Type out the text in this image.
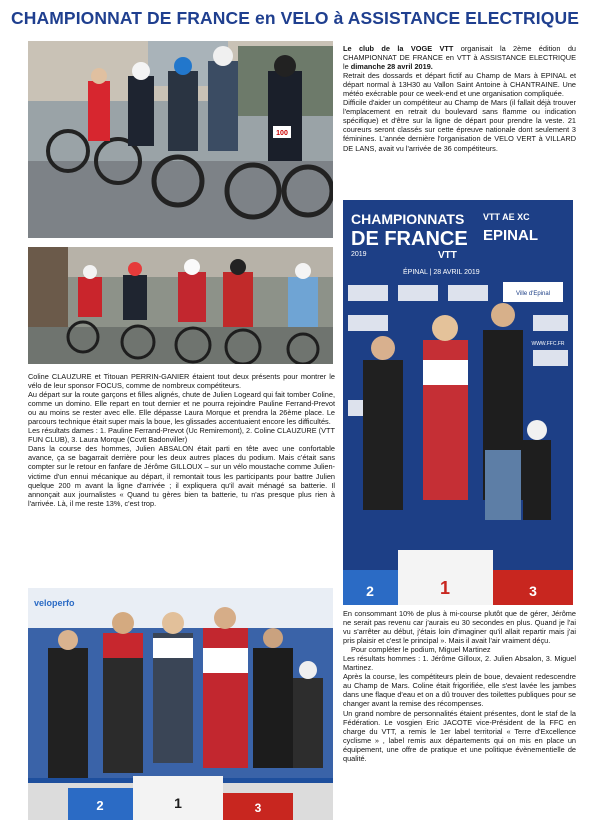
CHAMPIONNAT DE FRANCE en VELO à ASSISTANCE ELECTRIQUE
100

Le club de la VOGE VTT organisait la 2ème édition du CHAMPIONNAT DE FRANCE en VTT à ASSISTANCE ELECTRIQUE le dimanche 28 avril 2019.

Retrait des dossards et départ fictif au Champ de Mars à EPINAL et départ normal à 13H30 au Vallon Saint Antoine à CHANTRAINE. Une météo exécrable pour ce week-end et une organisation compliquée.

Difficile d'aider un compétiteur au Champ de Mars (il fallait déjà trouver l'emplacement en retrait du boulevard sans flamme ou indication spécifique) et d'être sur la ligne de départ pour prendre la veste. 21 coureurs seront classés sur cette épreuve nationale dont seulement 3 féminines. L'année dernière l'organisation de VELO VERT à VILLARD DE LANS, avait vu l'arrivée de 36 compétiteurs.

Coline CLAUZURE et Titouan PERRIN-GANIER étaient tout deux présents pour montrer le vélo de leur sponsor FOCUS, comme de nombreux compétiteurs.

Au départ sur la route garçons et filles alignés, chute de Julien Logeard qui fait tomber Coline, comme un domino. Elle repart en tout dernier et ne pourra rejoindre Pauline Ferrand-Prevot ou au moins se rester avec elle. Elle dépasse Laura Morque et prendra la 26ème place. Le parcours technique était super mais la boue, les glissades accentuaient encore les difficultés.

Les résultats dames : 1. Pauline Ferrand-Prevot (Uc Remiremont), 2. Coline CLAUZURE (VTT FUN CLUB), 3. Laura Morque (Ccvtt Badonviller)

Dans la course des hommes, Julien ABSALON était parti en tête avec une confortable avance, ça se bagarrait derrière pour les deux autres places du podium. Mais c'était sans compter sur le retour en fanfare de Jérôme GILLOUX – sur un vélo moustache comme Julien- victime d'un ennui mécanique au départ, il remontait tous les participants pour battre Julien quelque 200 m avant la ligne d'arrivée ; il expliquera qu'il avait ménagé sa batterie. Il annonçait aux journalistes « Quand tu gères bien ta batterie, tu n'as presque plus rien à l'arrivée. Là, il me reste 13%, c'est trop.

CHAMPIONNATS
DE FRANCE
2019
VTT AE XC
EPINAL
VTT
ÉPINAL | 28 AVRIL 2019
Ville d'Epinal
WWW.FFC.FR
1
2	3

En consommant 10% de plus à mi-course plutôt que de gérer, Jérôme ne serait pas revenu car j'aurais eu 30 secondes en plus. Quand je l'ai vu s'arrêter au début, j'étais loin d'imaginer qu'il allait repartir mais j'ai pris plaisir et c'est le principal ». Mais il avait l'air vraiment déçu.

Pour compléter le podium, Miguel Martinez

Les résultats hommes : 1. Jérôme Gilloux, 2. Julien Absalon, 3. Miguel Martinez.

Après la course, les compétiteurs plein de boue, devaient redescendre au Champ de Mars. Coline était frigorifiée, elle s'est lavée les jambes dans une flaque d'eau et on a dû trouver des toilettes publiques pour se changer avant la remise des récompenses.

Un grand nombre de personnalités étaient présentes, dont le staf de la Fédération. Le vosgien Eric JACOTE vice-Président de la FFC en charge du VTT, a remis le 1er label territorial « Terre d'Excellence cyclisme » , label remis aux départements qui on mis en place un équipement, une offre de pratique et une politique évènementielle de qualité.

veloperfo
1
2	3
